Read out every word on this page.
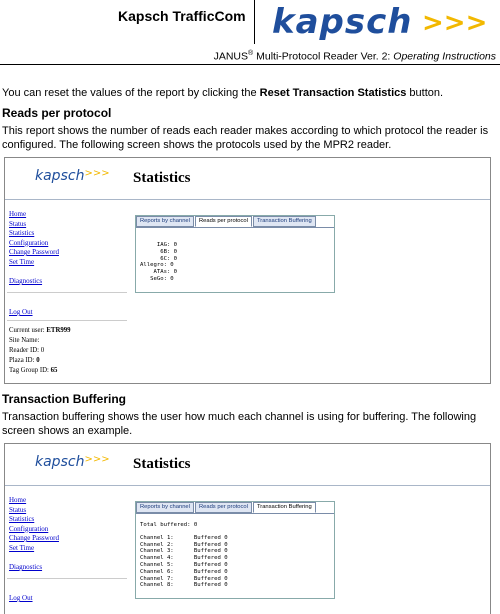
Kapsch TrafficCom kapsch >>>
JANUS® Multi-Protocol Reader Ver. 2: Operating Instructions
You can reset the values of the report by clicking the Reset Transaction Statistics button.
Reads per protocol
This report shows the number of reads each reader makes according to which protocol the reader is configured. The following screen shows the protocols used by the MPR2 reader.
kapsch>>> Statistics
Home
Status
Statistics
Configuration
Change Password
Set Time
Diagnostics
Log Out
Current user: ETR999
Site Name:
Reader ID: 0
Plaza ID: 0
Tag Group ID: 65
Reports by channel	Reads per protocol	Transaction Buffering
IAG: 0
6B: 0
6C: 0
Allegro: 0
ATAs: 0
SeGo: 0
Transaction Buffering
Transaction buffering shows the user how much each channel is using for buffering. The following screen shows an example.
kapsch>>> Statistics
Home
Status
Statistics
Configuration
Change Password
Set Time
Diagnostics
Log Out
Reports by channel	Reads per protocol	Transaction Buffering
Total buffered: 0
Channel 1:      Buffered 0
Channel 2:      Buffered 0
Channel 3:      Buffered 0
Channel 4:      Buffered 0
Channel 5:      Buffered 0
Channel 6:      Buffered 0
Channel 7:      Buffered 0
Channel 8:      Buffered 0
